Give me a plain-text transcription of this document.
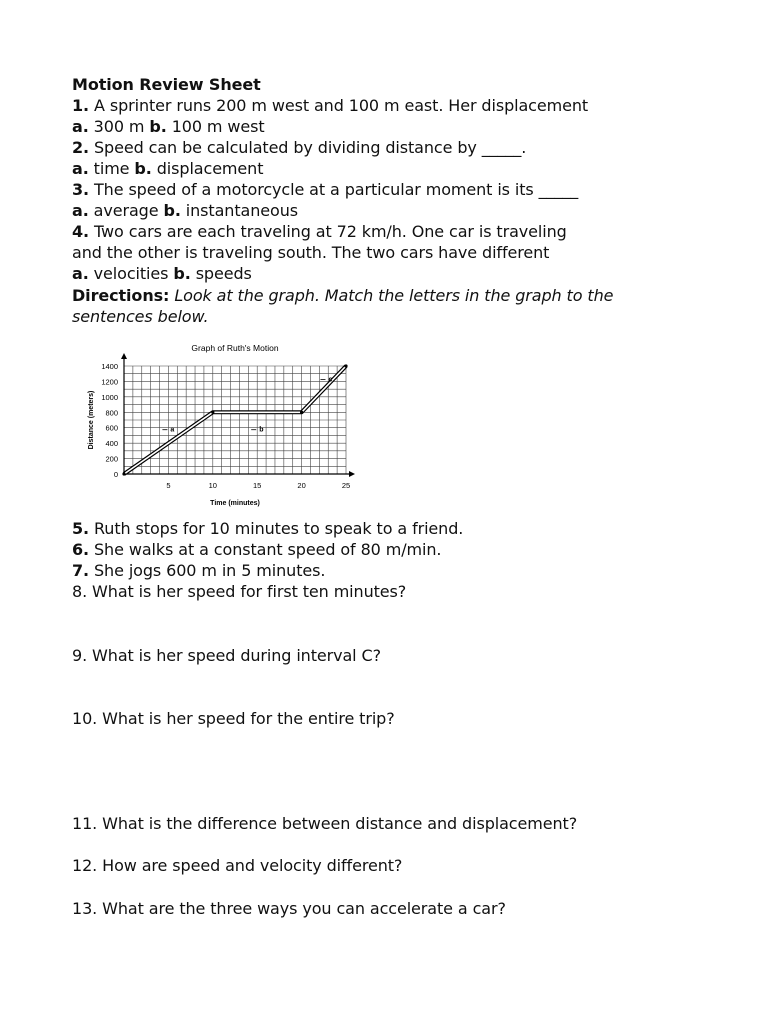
Motion Review Sheet
1. A sprinter runs 200 m west and 100 m east. Her displacement
a. 300 m b. 100 m west
2. Speed can be calculated by dividing distance by _____.
a. time b. displacement
3. The speed of a motorcycle at a particular moment is its _____
a. average b. instantaneous
4. Two cars are each traveling at 72 km/h. One car is traveling
and the other is traveling south. The two cars have different
a. velocities b. speeds
Directions: Look at the graph. Match the letters in the graph to the
sentences below.
Graph of Ruth's Motion
0
200
400
600
800
1000
1200
1400
5	10	15	20	25
Time (minutes)
Distance (meters)	a	b
c
5. Ruth stops for 10 minutes to speak to a friend.
6. She walks at a constant speed of 80 m/min.
7. She jogs 600 m in 5 minutes.
8. What is her speed for first ten minutes?
9. What is her speed during interval C?
10. What is her speed for the entire trip?
11. What is the difference between distance and displacement?
12. How are speed and velocity different?
13. What are the three ways you can accelerate a car?
